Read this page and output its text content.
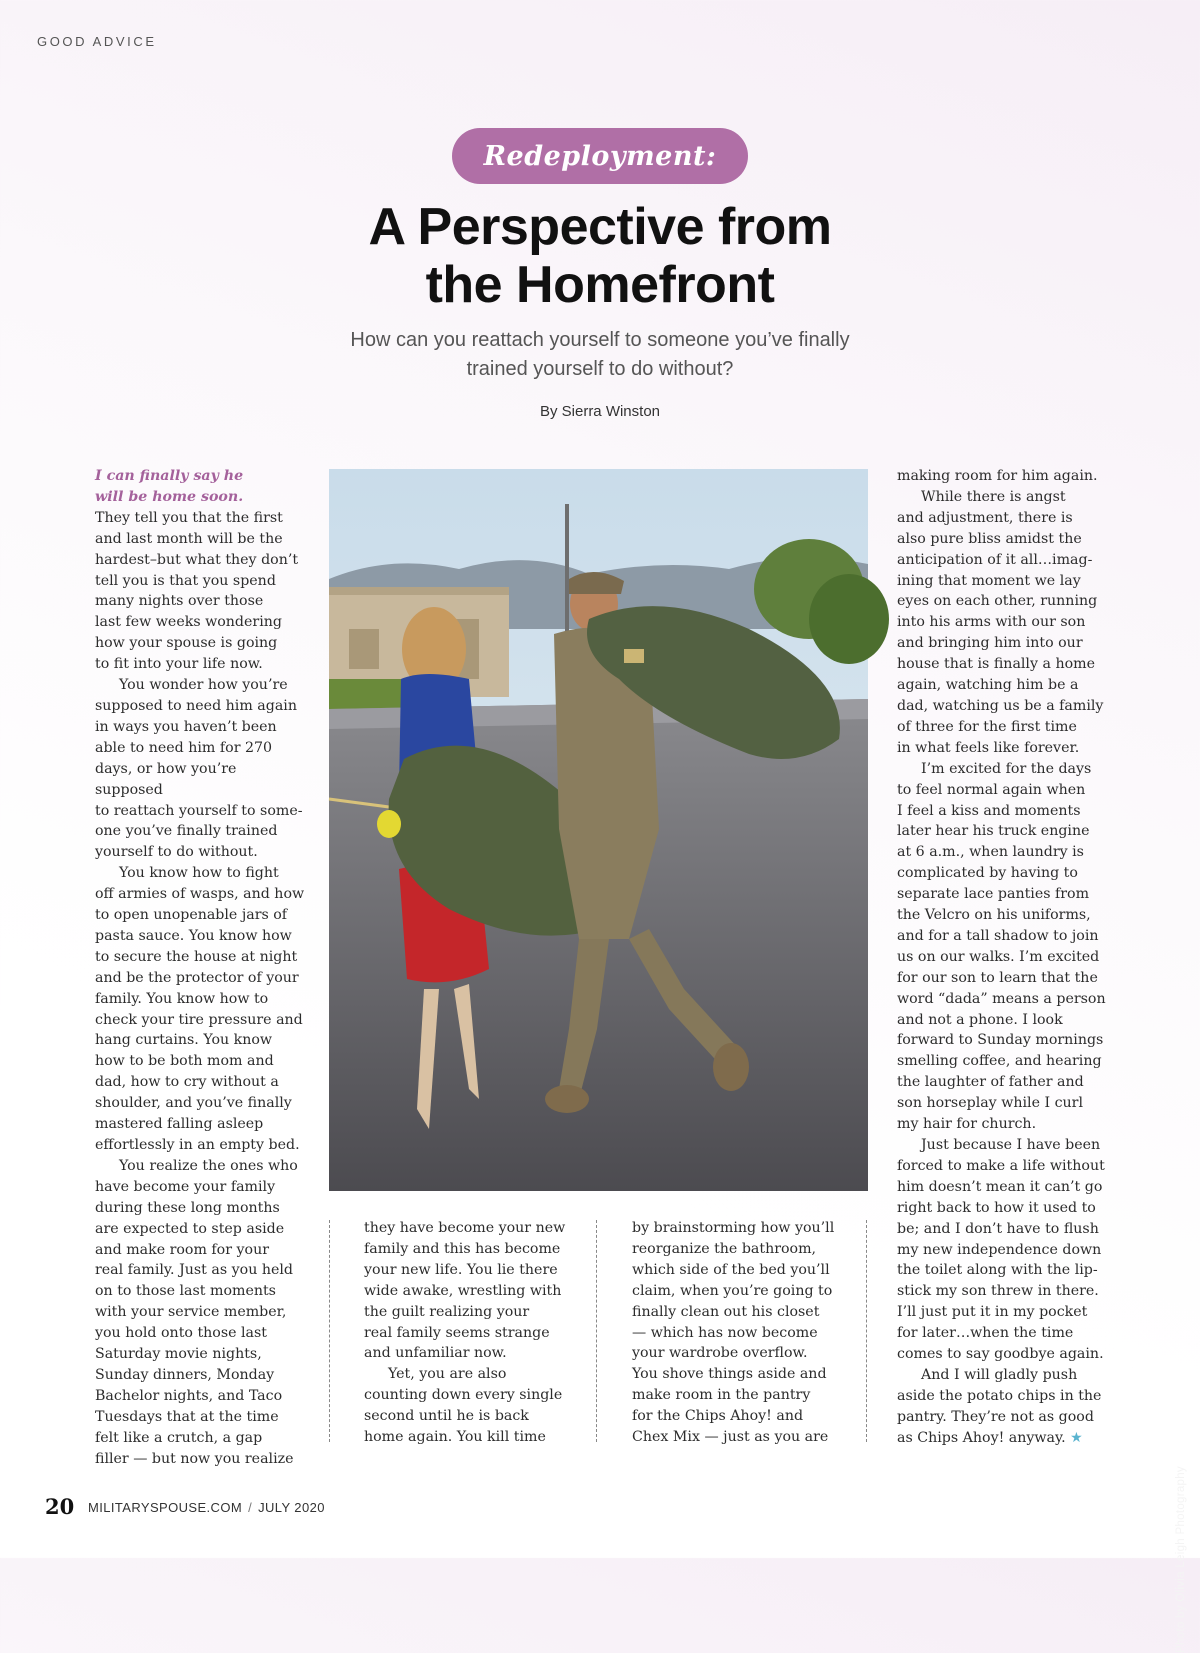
GOOD ADVICE
Redeployment:
A Perspective from
the Homefront
How can you reattach yourself to someone you’ve finally
trained yourself to do without?
By Sierra Winston
Photo by Olivia Leigh Photography
I can finally say he
will be home soon.

They tell you that the first
and last month will be the
hardest–but what they don’t
tell you is that you spend
many nights over those
last few weeks wondering
how your spouse is going
to fit into your life now.

You wonder how you’re
supposed to need him again
in ways you haven’t been
able to need him for 270
days, or how you’re supposed
to reattach yourself to some-
one you’ve finally trained
yourself to do without.

You know how to fight
off armies of wasps, and how
to open unopenable jars of
pasta sauce. You know how
to secure the house at night
and be the protector of your
family. You know how to
check your tire pressure and
hang curtains. You know
how to be both mom and
dad, how to cry without a
shoulder, and you’ve finally
mastered falling asleep
effortlessly in an empty bed.

You realize the ones who
have become your family
during these long months
are expected to step aside
and make room for your
real family. Just as you held
on to those last moments
with your service member,
you hold onto those last
Saturday movie nights,
Sunday dinners, Monday
Bachelor nights, and Taco
Tuesdays that at the time
felt like a crutch, a gap
filler — but now you realize

they have become your new
family and this has become
your new life. You lie there
wide awake, wrestling with
the guilt realizing your
real family seems strange
and unfamiliar now.

Yet, you are also
counting down every single
second until he is back
home again. You kill time

by brainstorming how you’ll
reorganize the bathroom,
which side of the bed you’ll
claim, when you’re going to
finally clean out his closet
— which has now become
your wardrobe overflow.
You shove things aside and
make room in the pantry
for the Chips Ahoy! and
Chex Mix — just as you are

making room for him again.

While there is angst
and adjustment, there is
also pure bliss amidst the
anticipation of it all…imag-
ining that moment we lay
eyes on each other, running
into his arms with our son
and bringing him into our
house that is finally a home
again, watching him be a
dad, watching us be a family
of three for the first time
in what feels like forever.

I’m excited for the days
to feel normal again when
I feel a kiss and moments
later hear his truck engine
at 6 a.m., when laundry is
complicated by having to
separate lace panties from
the Velcro on his uniforms,
and for a tall shadow to join
us on our walks. I’m excited
for our son to learn that the
word “dada” means a person
and not a phone. I look
forward to Sunday mornings
smelling coffee, and hearing
the laughter of father and
son horseplay while I curl
my hair for church.

Just because I have been
forced to make a life without
him doesn’t mean it can’t go
right back to how it used to
be; and I don’t have to flush
my new independence down
the toilet along with the lip-
stick my son threw in there.
I’ll just put it in my pocket
for later…when the time
comes to say goodbye again.

And I will gladly push
aside the potato chips in the
pantry. They’re not as good
as Chips Ahoy! anyway. ★

20 MILITARYSPOUSE.COM / JULY 2020
